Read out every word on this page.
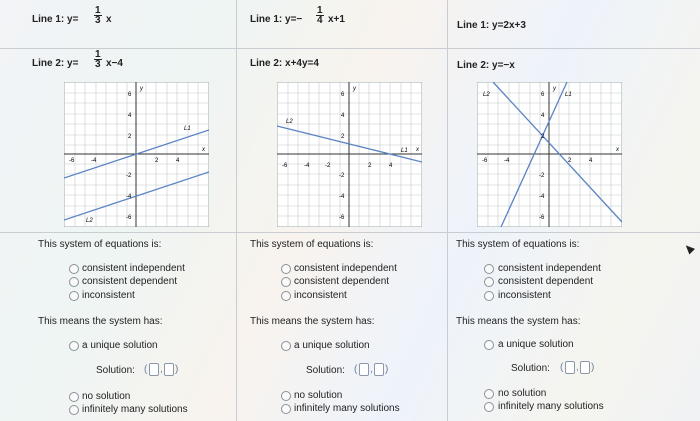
Line 1: $y= \frac{1}{3}$ x
Line 2: $y= \frac{1}{3} x-4$
6
4
2
-2
-4
-6
-6	-4	2	4
y
x
L1
L2
This system of equations is:
consistent independent
consistent dependent
inconsistent
This means the system has:
a unique solution
Solution: ( , )
no solution
infinitely many solutions
Line 1: $y=- \frac{1}{4} x+1$
Line 2: x+4y=4
6
4
2
-2
-4
-6
-6	-4	-2	2	4
y
x
L2
L1
This system of equations is:
consistent independent
consistent dependent
inconsistent
This means the system has:
a unique solution
Solution: ( , )
no solution
infinitely many solutions
Line 1: y=2x+3
Line 2: y=−x
6
4
2
-2
-4
-6
-6	-4	2	4
y
x
L2	L1
This system of equations is:
consistent independent
consistent dependent
inconsistent
This means the system has:
a unique solution
Solution: ( , )
no solution
infinitely many solutions
